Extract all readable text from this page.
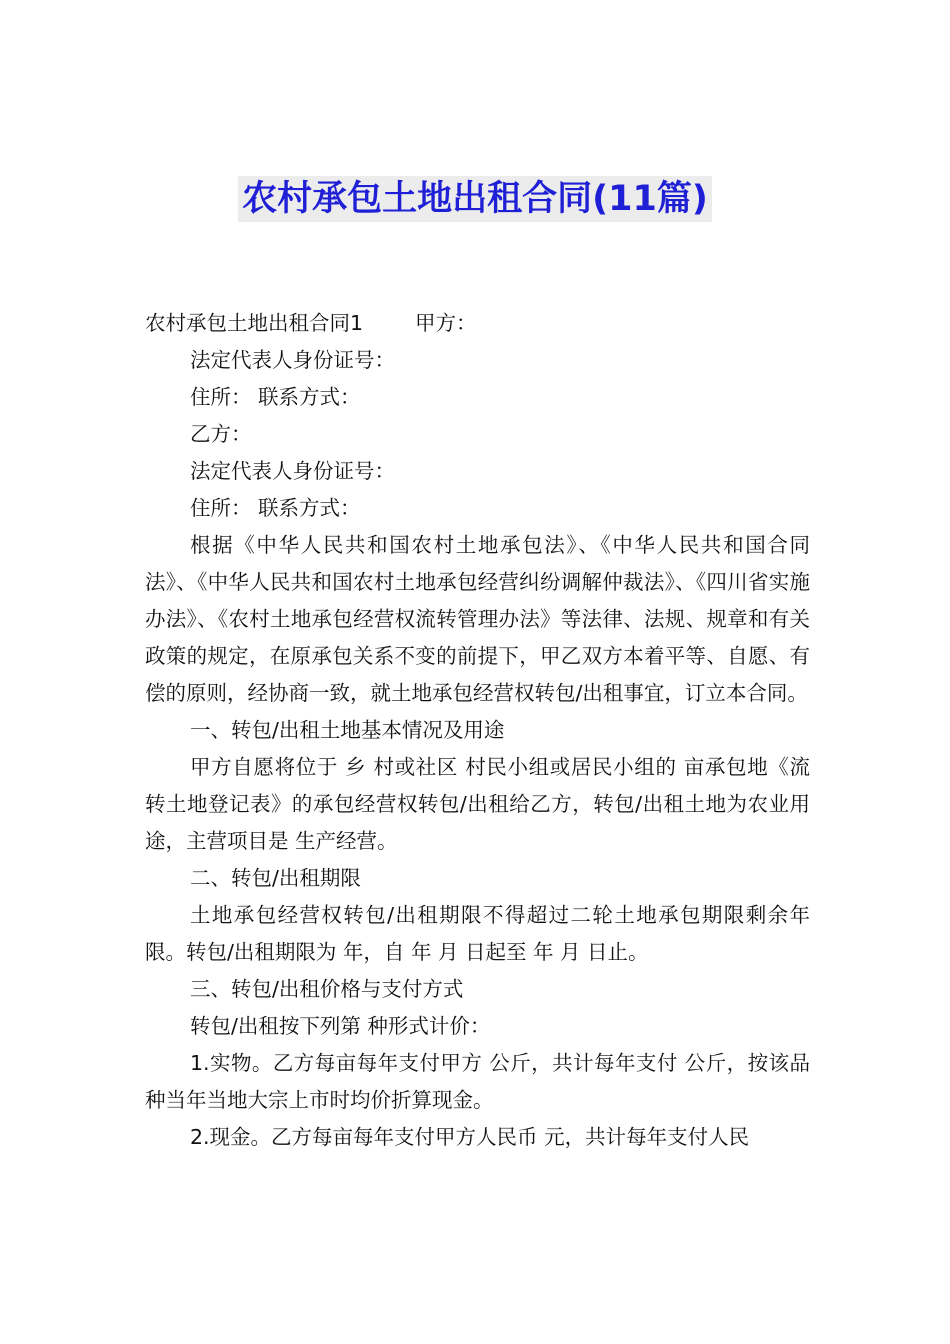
农村承包土地出租合同(11篇)

农村承包土地出租合同1	甲方：

法定代表人身份证号：

住所： 联系方式：

乙方：

法定代表人身份证号：

住所： 联系方式：

根据《中华人民共和国农村土地承包法》、《中华人民共和国合同法》、《中华人民共和国农村土地承包经营纠纷调解仲裁法》、《四川省实施办法》、《农村土地承包经营权流转管理办法》等法律、法规、规章和有关政策的规定，在原承包关系不变的前提下，甲乙双方本着平等、自愿、有偿的原则，经协商一致，就土地承包经营权转包/出租事宜，订立本合同。

一、转包/出租土地基本情况及用途

甲方自愿将位于 乡 村或社区 村民小组或居民小组的 亩承包地《流转土地登记表》的承包经营权转包/出租给乙方，转包/出租土地为农业用途，主营项目是 生产经营。

二、转包/出租期限

土地承包经营权转包/出租期限不得超过二轮土地承包期限剩余年限。转包/出租期限为 年，自 年 月 日起至 年 月 日止。

三、转包/出租价格与支付方式

转包/出租按下列第 种形式计价：

1.实物。乙方每亩每年支付甲方 公斤，共计每年支付 公斤，按该品种当年当地大宗上市时均价折算现金。

2.现金。乙方每亩每年支付甲方人民币 元，共计每年支付人民
